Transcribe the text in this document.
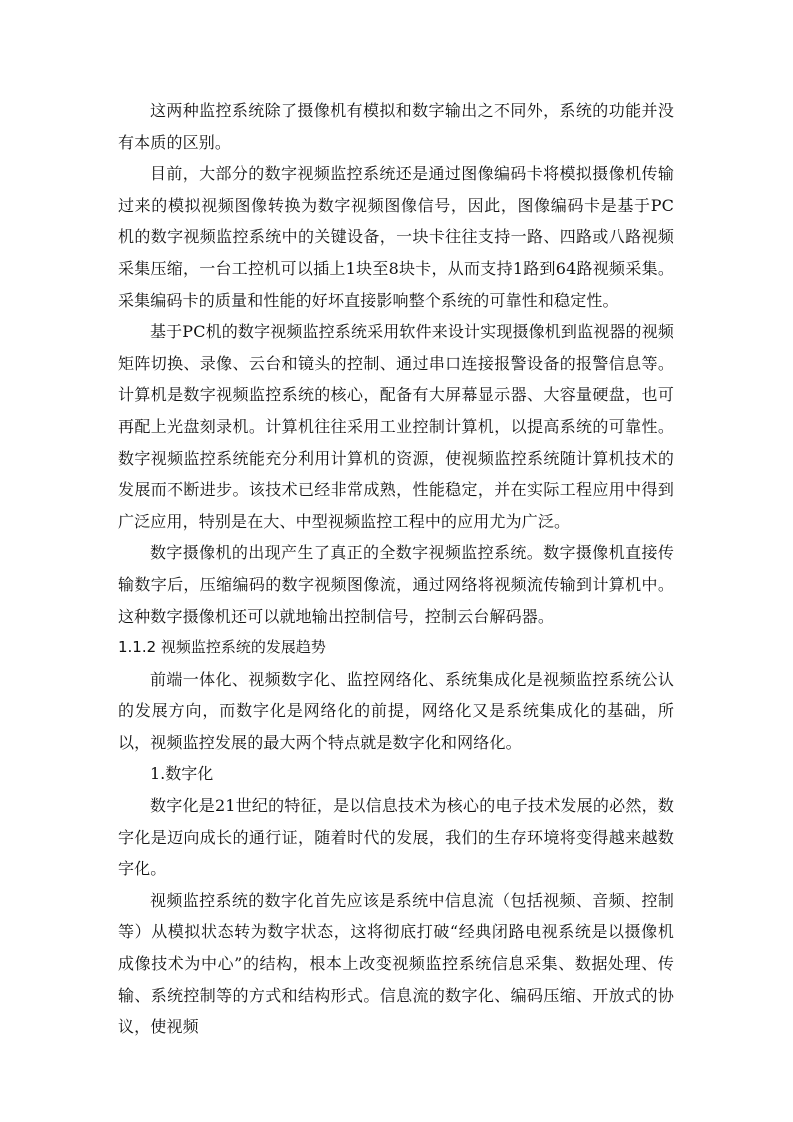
这两种监控系统除了摄像机有模拟和数字输出之不同外，系统的功能并没有本质的区别。

目前，大部分的数字视频监控系统还是通过图像编码卡将模拟摄像机传输过来的模拟视频图像转换为数字视频图像信号，因此，图像编码卡是基于PC机的数字视频监控系统中的关键设备，一块卡往往支持一路、四路或八路视频采集压缩，一台工控机可以插上1块至8块卡，从而支持1路到64路视频采集。采集编码卡的质量和性能的好坏直接影响整个系统的可靠性和稳定性。

基于PC机的数字视频监控系统采用软件来设计实现摄像机到监视器的视频矩阵切换、录像、云台和镜头的控制、通过串口连接报警设备的报警信息等。计算机是数字视频监控系统的核心，配备有大屏幕显示器、大容量硬盘，也可再配上光盘刻录机。计算机往往采用工业控制计算机，以提高系统的可靠性。数字视频监控系统能充分利用计算机的资源，使视频监控系统随计算机技术的发展而不断进步。该技术已经非常成熟，性能稳定，并在实际工程应用中得到广泛应用，特别是在大、中型视频监控工程中的应用尤为广泛。

数字摄像机的出现产生了真正的全数字视频监控系统。数字摄像机直接传输数字后，压缩编码的数字视频图像流，通过网络将视频流传输到计算机中。这种数字摄像机还可以就地输出控制信号，控制云台解码器。

1.1.2 视频监控系统的发展趋势

前端一体化、视频数字化、监控网络化、系统集成化是视频监控系统公认的发展方向，而数字化是网络化的前提，网络化又是系统集成化的基础，所以，视频监控发展的最大两个特点就是数字化和网络化。

1.数字化

数字化是21世纪的特征，是以信息技术为核心的电子技术发展的必然，数字化是迈向成长的通行证，随着时代的发展，我们的生存环境将变得越来越数字化。

视频监控系统的数字化首先应该是系统中信息流（包括视频、音频、控制等）从模拟状态转为数字状态，这将彻底打破“经典闭路电视系统是以摄像机成像技术为中心”的结构，根本上改变视频监控系统信息采集、数据处理、传输、系统控制等的方式和结构形式。信息流的数字化、编码压缩、开放式的协议，使视频
